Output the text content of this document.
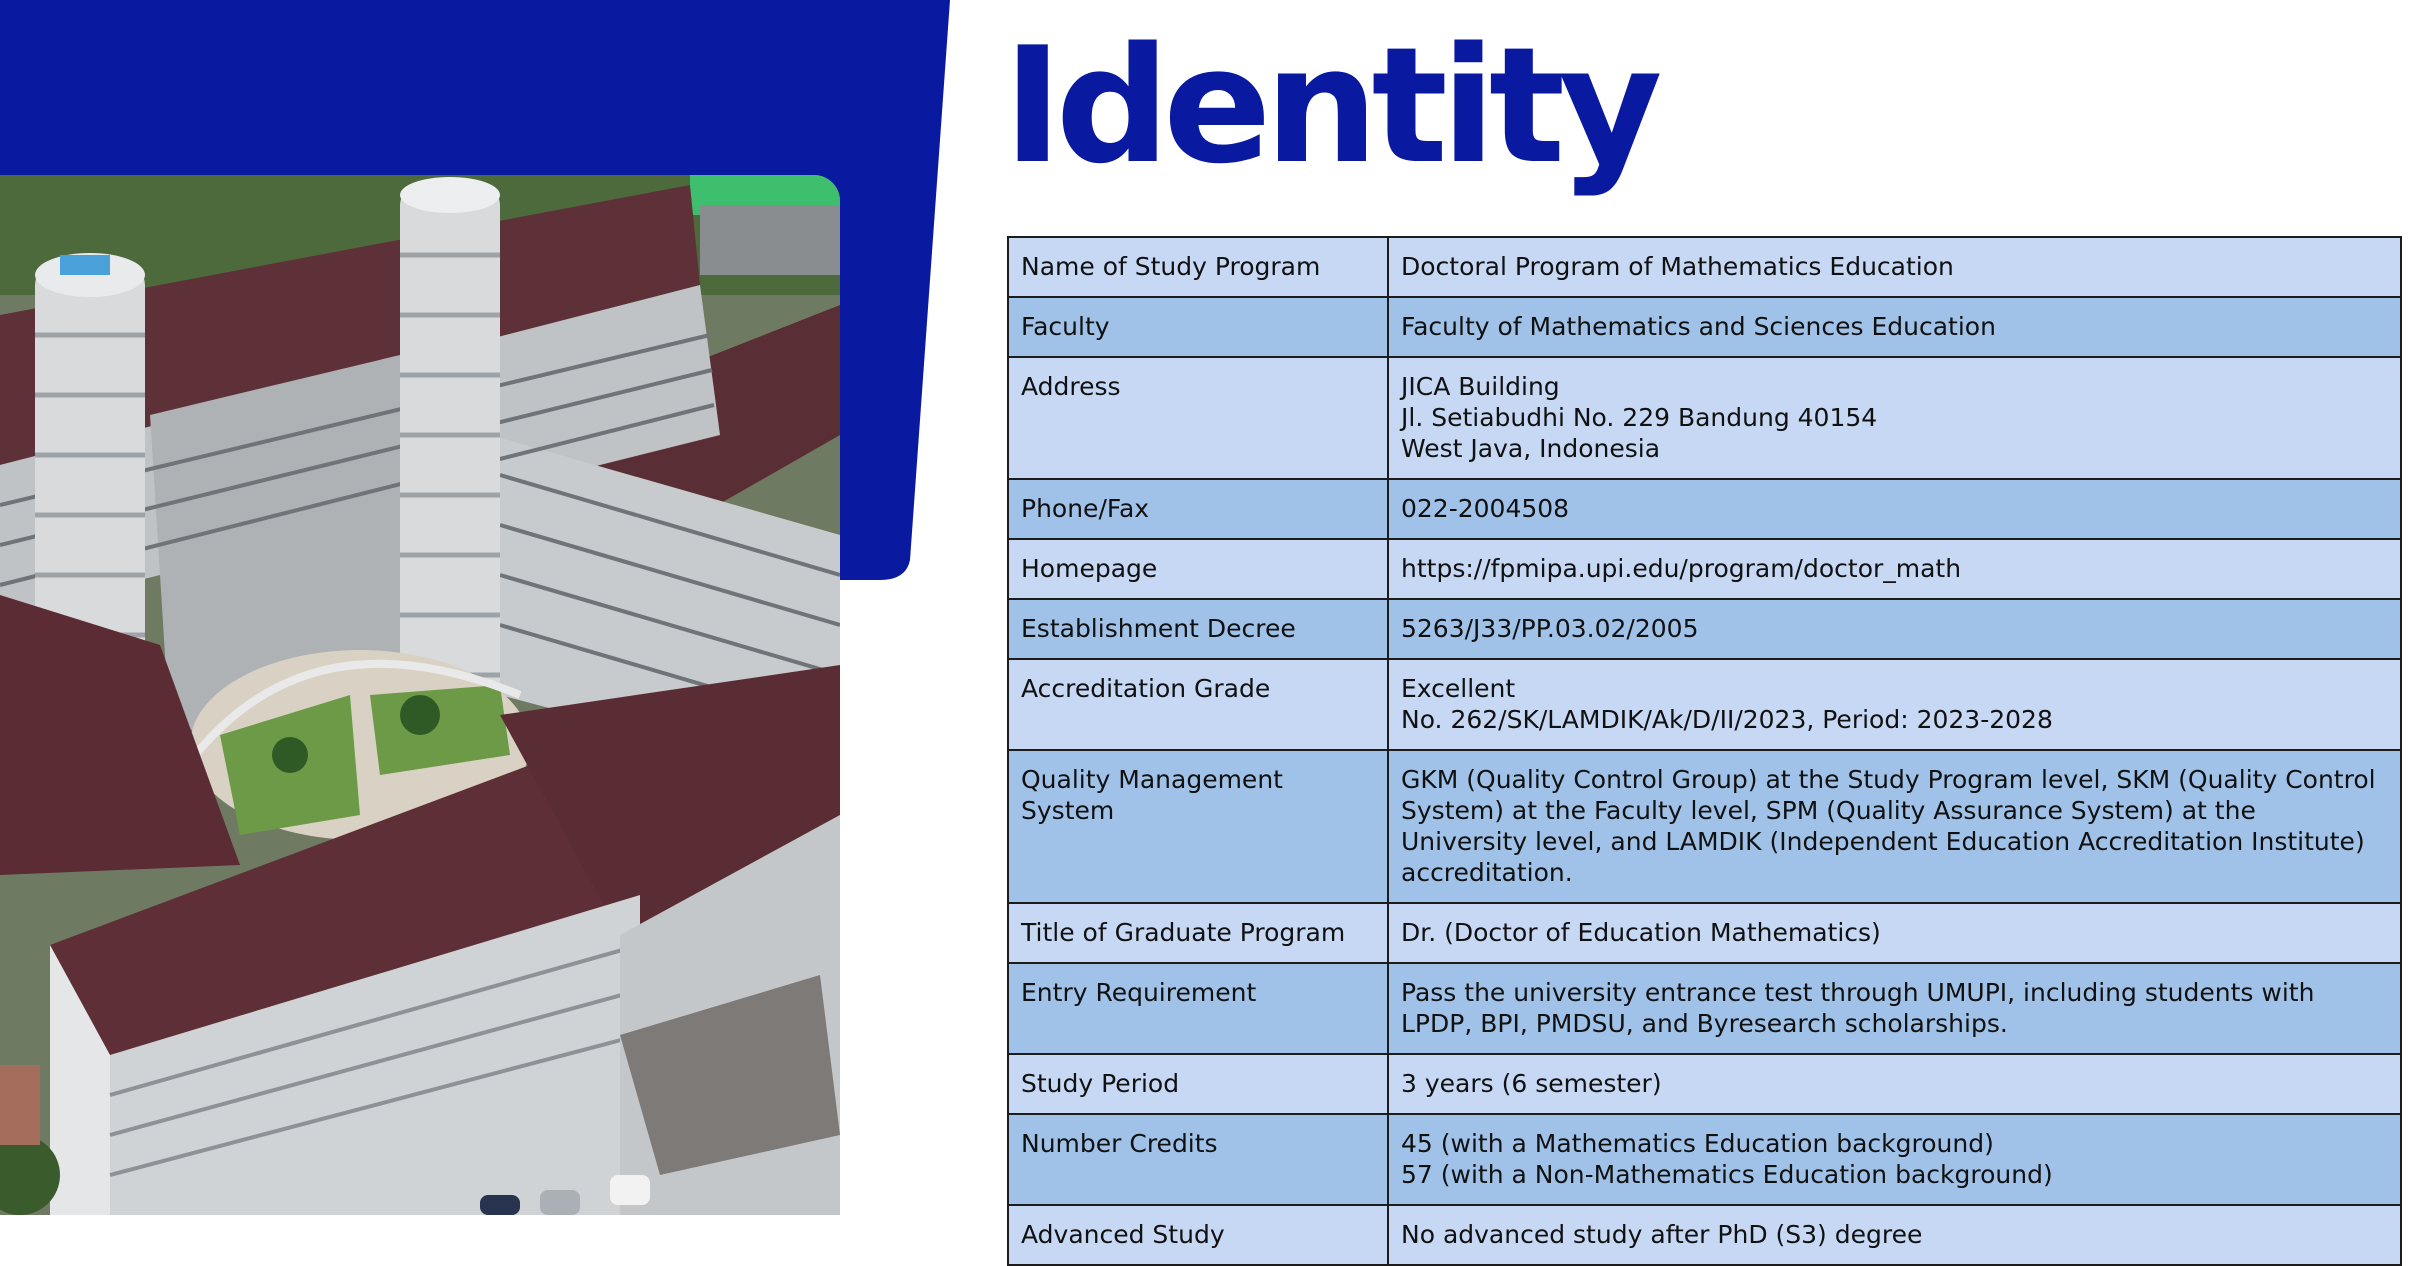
Identity
Name of Study Program	Doctoral Program of Mathematics Education

Faculty	Faculty of Mathematics and Sciences Education

Address	JICA Building
Jl. Setiabudhi No. 229 Bandung 40154
West Java, Indonesia

Phone/Fax	022-2004508

Homepage	https://fpmipa.upi.edu/program/doctor_math

Establishment Decree	5263/J33/PP.03.02/2005

Accreditation Grade	Excellent
No. 262/SK/LAMDIK/Ak/D/II/2023, Period: 2023-2028

Quality Management System	GKM (Quality Control Group) at the Study Program level, SKM (Quality Control System) at the Faculty level, SPM (Quality Assurance System) at the University level, and LAMDIK (Independent Education Accreditation Institute) accreditation.

Title of Graduate Program	Dr. (Doctor of Education Mathematics)

Entry Requirement	Pass the university entrance test through UMUPI, including students with LPDP, BPI, PMDSU, and Byresearch scholarships.

Study Period	3 years (6 semester)

Number Credits	45 (with a Mathematics Education background)
57 (with a Non-Mathematics Education background)

Advanced Study	No advanced study after PhD (S3) degree
